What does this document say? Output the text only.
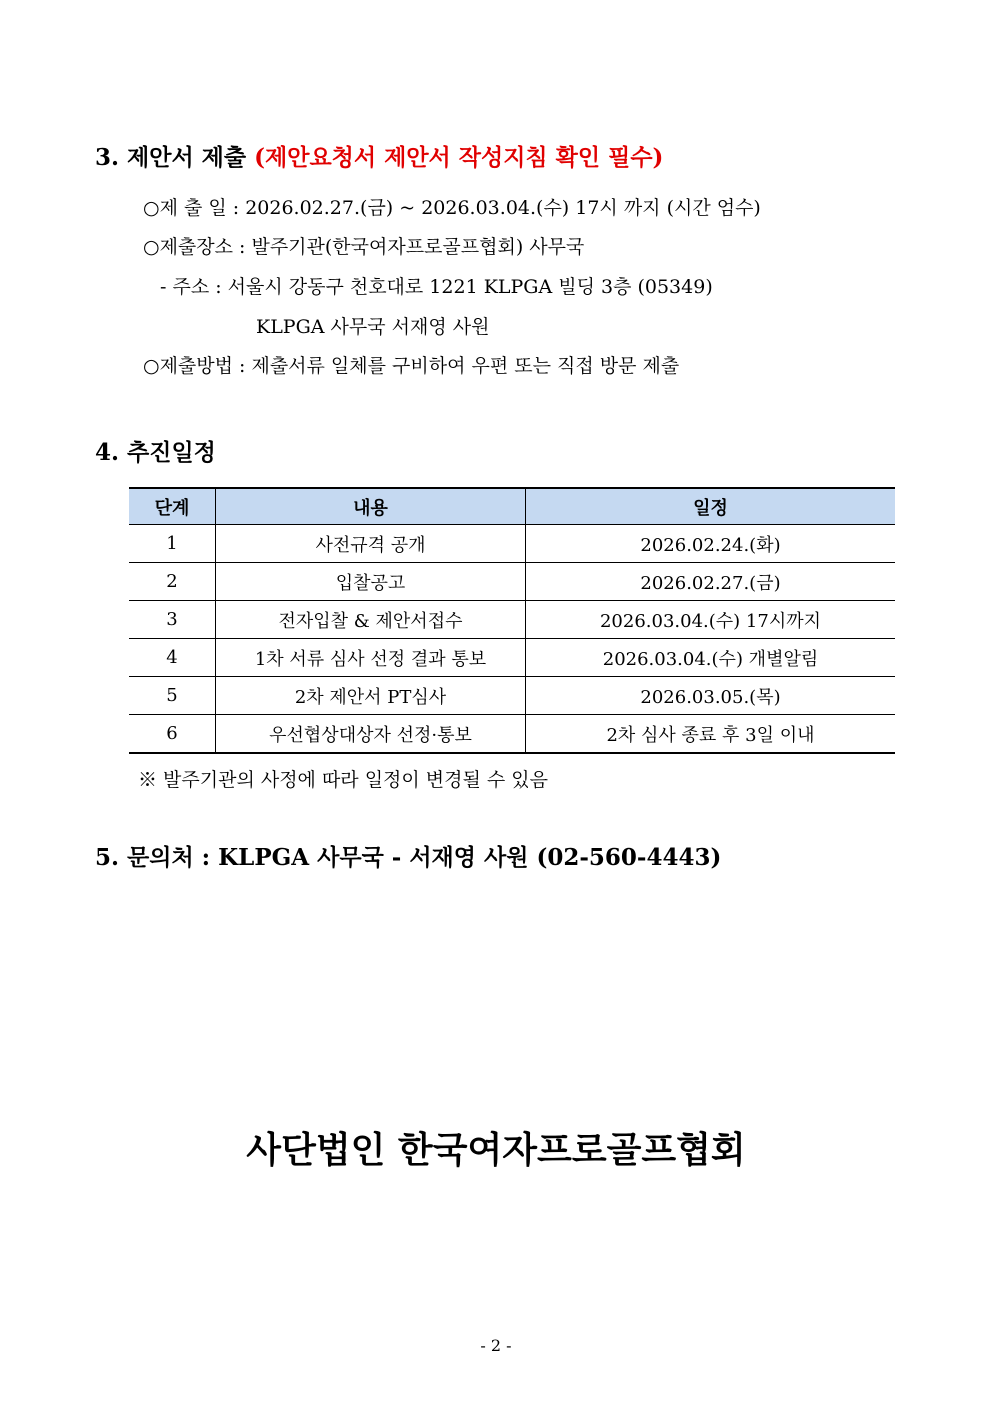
3. 제안서 제출 (제안요청서 제안서 작성지침 확인 필수)
○제 출 일 : 2026.02.27.(금) ~ 2026.03.04.(수) 17시 까지 (시간 엄수)
○제출장소 : 발주기관(한국여자프로골프협회) 사무국
- 주소 : 서울시 강동구 천호대로 1221 KLPGA 빌딩 3층 (05349)
KLPGA 사무국 서재영 사원
○제출방법 : 제출서류 일체를 구비하여 우편 또는 직접 방문 제출
4. 추진일정
단계	내용	일정
1	사전규격 공개	2026.02.24.(화)
2	입찰공고	2026.02.27.(금)
3	전자입찰 & 제안서접수	2026.03.04.(수) 17시까지
4	1차 서류 심사 선정 결과 통보	2026.03.04.(수) 개별알림
5	2차 제안서 PT심사	2026.03.05.(목)
6	우선협상대상자 선정·통보	2차 심사 종료 후 3일 이내
※ 발주기관의 사정에 따라 일정이 변경될 수 있음
5. 문의처 : KLPGA 사무국 - 서재영 사원 (02-560-4443)
사단법인 한국여자프로골프협회
- 2 -
